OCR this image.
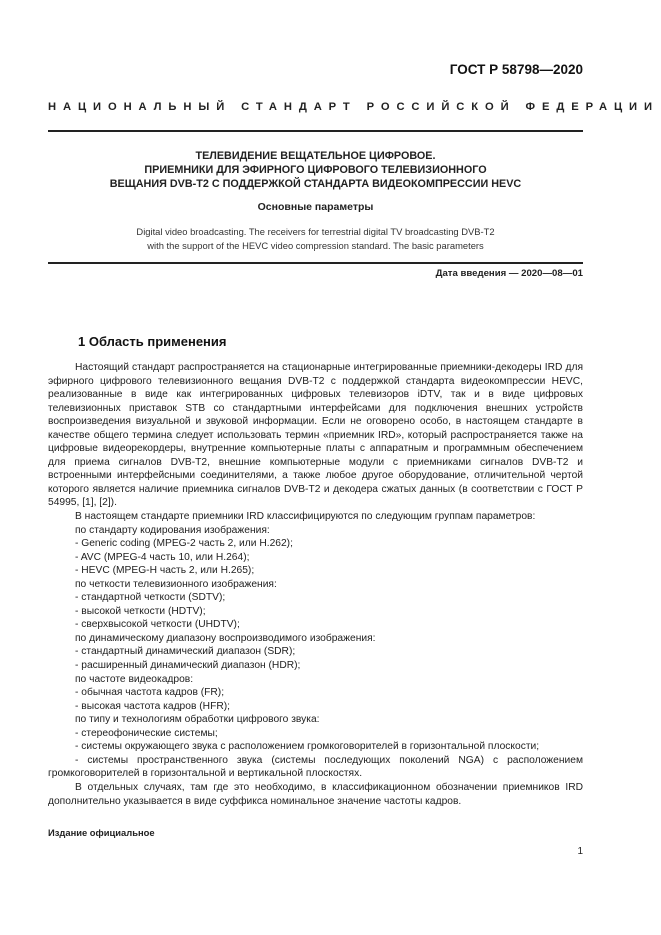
ГОСТ Р 58798—2020
НАЦИОНАЛЬНЫЙ СТАНДАРТ РОССИЙСКОЙ ФЕДЕРАЦИИ
ТЕЛЕВИДЕНИЕ ВЕЩАТЕЛЬНОЕ ЦИФРОВОЕ.
ПРИЕМНИКИ ДЛЯ ЭФИРНОГО ЦИФРОВОГО ТЕЛЕВИЗИОННОГО
ВЕЩАНИЯ DVB-T2 С ПОДДЕРЖКОЙ СТАНДАРТА ВИДЕОКОМПРЕССИИ HEVC
Основные параметры
Digital video broadcasting. The receivers for terrestrial digital TV broadcasting DVB-T2
with the support of the HEVC video compression standard. The basic parameters
Дата введения — 2020—08—01
1 Область применения

Настоящий стандарт распространяется на стационарные интегрированные приемники-декодеры IRD для эфирного цифрового телевизионного вещания DVB-T2 с поддержкой стандарта видеокомпрессии HEVC, реализованные в виде как интегрированных цифровых телевизоров iDTV, так и в виде цифровых телевизионных приставок STB со стандартными интерфейсами для подключения внешних устройств воспроизведения визуальной и звуковой информации. Если не оговорено особо, в настоящем стандарте в качестве общего термина следует использовать термин «приемник IRD», который распространяется также на цифровые видеорекордеры, внутренние компьютерные платы с аппаратным и программным обеспечением для приема сигналов DVB-T2, внешние компьютерные модули с приемниками сигналов DVB-T2 и встроенными интерфейсными соединителями, а также любое другое оборудование, отличительной чертой которого является наличие приемника сигналов DVB-T2 и декодера сжатых данных (в соответствии с ГОСТ Р 54995, [1], [2]).

В настоящем стандарте приемники IRD классифицируются по следующим группам параметров:

по стандарту кодирования изображения:

- Generic coding (MPEG-2 часть 2, или Н.262);

- AVC (MPEG-4 часть 10, или Н.264);

- HEVC (MPEG-H часть 2, или Н.265);

по четкости телевизионного изображения:

- стандартной четкости (SDTV);

- высокой четкости (HDTV);

- сверхвысокой четкости (UHDTV);

по динамическому диапазону воспроизводимого изображения:

- стандартный динамический диапазон (SDR);

- расширенный динамический диапазон (HDR);

по частоте видеокадров:

- обычная частота кадров (FR);

- высокая частота кадров (HFR);

по типу и технологиям обработки цифрового звука:

- стереофонические системы;

- системы окружающего звука с расположением громкоговорителей в горизонтальной плоскости;

- системы пространственного звука (системы последующих поколений NGA) с расположением громкоговорителей в горизонтальной и вертикальной плоскостях.

В отдельных случаях, там где это необходимо, в классификационном обозначении приемников IRD дополнительно указывается в виде суффикса номинальное значение частоты кадров.

Издание официальное
1
